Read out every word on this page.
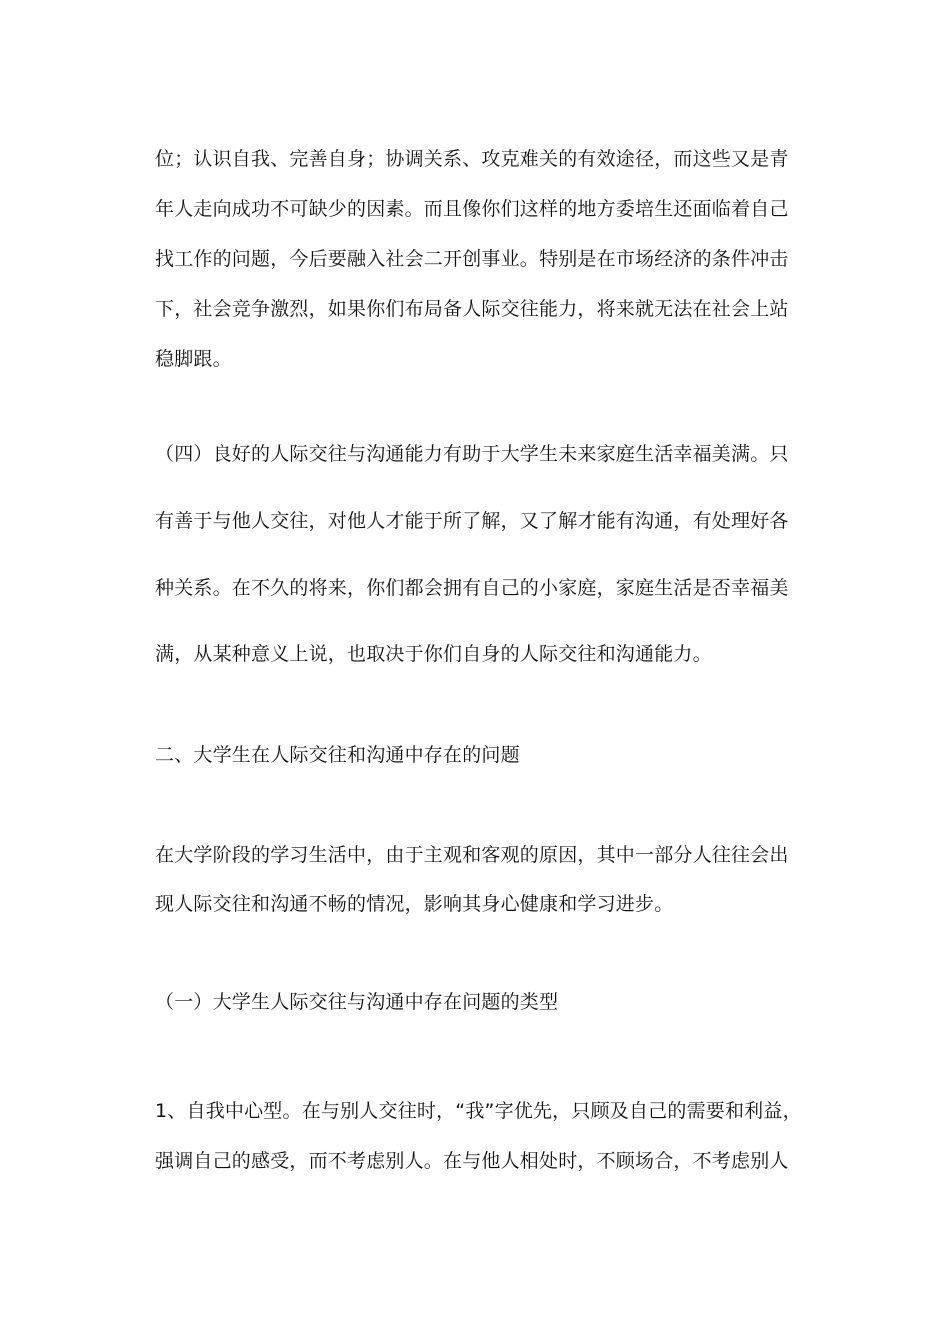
位；认识自我、完善自身；协调关系、攻克难关的有效途径，而这些又是青
年人走向成功不可缺少的因素。而且像你们这样的地方委培生还面临着自己
找工作的问题，今后要融入社会二开创事业。特别是在市场经济的条件冲击
下，社会竞争激烈，如果你们布局备人际交往能力，将来就无法在社会上站
稳脚跟。
（四）良好的人际交往与沟通能力有助于大学生未来家庭生活幸福美满。只
有善于与他人交往，对他人才能于所了解，又了解才能有沟通，有处理好各
种关系。在不久的将来，你们都会拥有自己的小家庭，家庭生活是否幸福美
满，从某种意义上说，也取决于你们自身的人际交往和沟通能力。
二、大学生在人际交往和沟通中存在的问题
在大学阶段的学习生活中，由于主观和客观的原因，其中一部分人往往会出
现人际交往和沟通不畅的情况，影响其身心健康和学习进步。
（一）大学生人际交往与沟通中存在问题的类型
1、自我中心型。在与别人交往时，“我”字优先，只顾及自己的需要和利益，
强调自己的感受，而不考虑别人。在与他人相处时，不顾场合，不考虑别人
